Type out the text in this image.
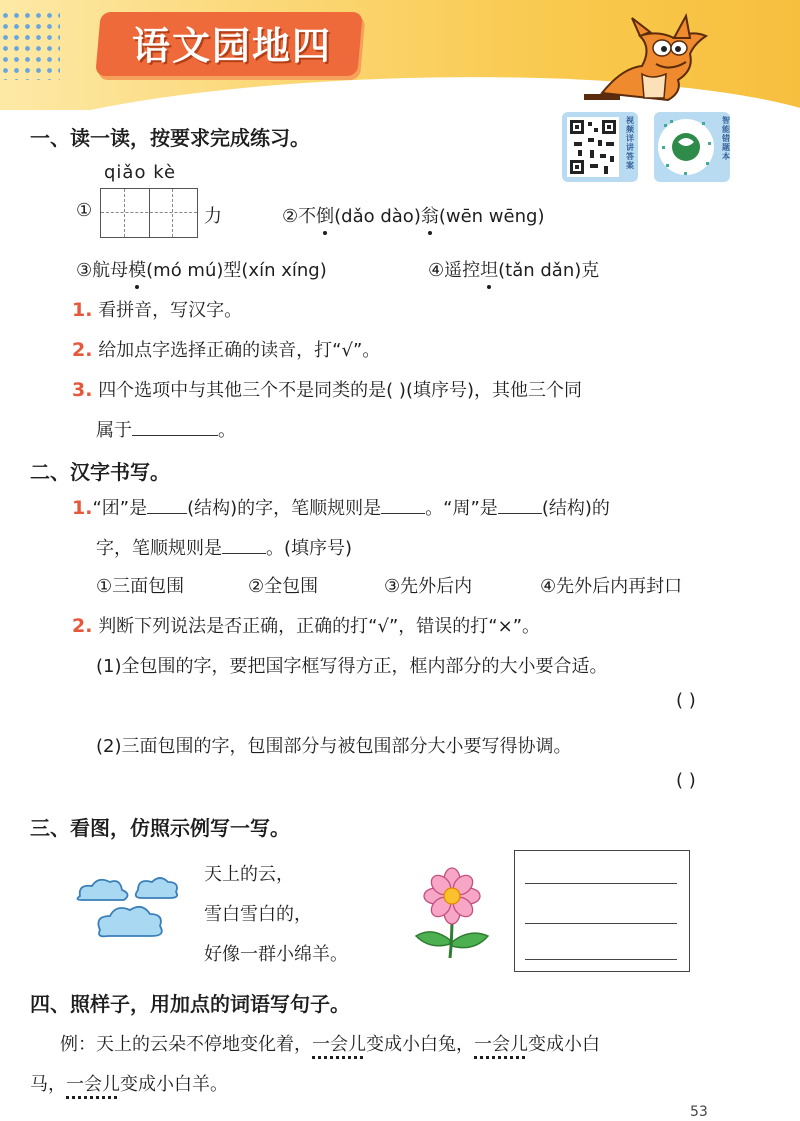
语文园地四
视频详讲答案
智能错题本
一、读一读，按要求完成练习。
qiǎo kè
①	力	②不倒(dǎo dào)翁(wēn wēng)
③航母模(mó mú)型(xín xíng)	④遥控坦(tǎn dǎn)克
1. 看拼音，写汉字。
2. 给加点字选择正确的读音，打“√”。
3. 四个选项中与其他三个不是同类的是( )(填序号)，其他三个同
属于	。
二、汉字书写。
1.“团”是 (结构)的字，笔顺规则是 。“周”是 (结构)的
字，笔顺规则是 。(填序号)
①三面包围	②全包围	③先外后内	④先外后内再封口
2. 判断下列说法是否正确，正确的打“√”，错误的打“×”。
(1)全包围的字，要把国字框写得方正，框内部分的大小要合适。
( )
(2)三面包围的字，包围部分与被包围部分大小要写得协调。
( )
三、看图，仿照示例写一写。
天上的云，
雪白雪白的，
好像一群小绵羊。
四、照样子，用加点的词语写句子。
例：天上的云朵不停地变化着，一会儿变成小白兔，一会儿变成小白
马，一会儿变成小白羊。
53
